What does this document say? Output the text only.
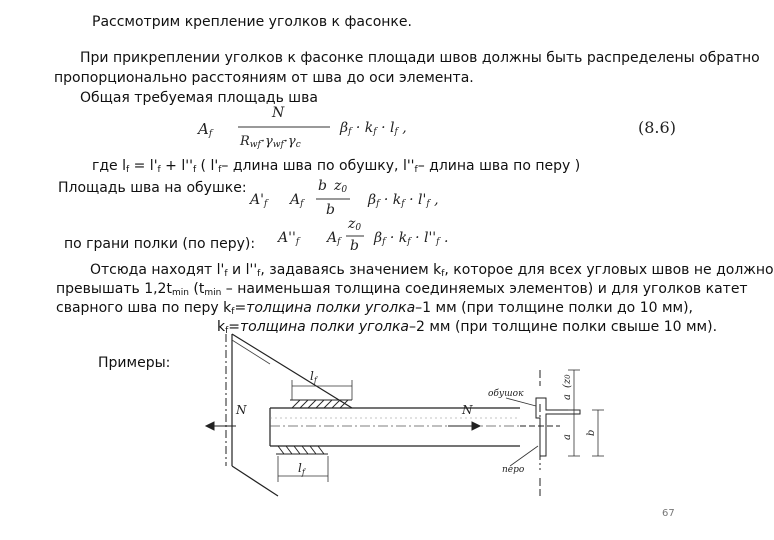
Рассмотрим крепление уголков к фасонке.
При прикреплении уголков к фасонке площади швов должны быть распределены обратно
пропорционально расстояниям от шва до оси элемента.
Общая требуемая площадь шва
$A_f$
N
$R_{wf}\cdot\gamma_{wf}\cdot\gamma_c$
$\beta_f \cdot k_f \cdot l_f$ ,	(8.6)
где $l_f = l'_f + l''_f$ ( $l'_f-$ длина шва по обушку, $l''_f-$ длина шва по перу )
Площадь шва на обушке:
$A'_f$ $A_f$
b  $z_0$
b
$\beta_f \cdot k_f \cdot l'_f$ ,
по грани полки (по перу): $A''_f$ $A_f$
$z_0$
b $\beta_f \cdot k_f \cdot l''_f$ .
Отсюда находят $l'_f$ и $l''_f$, задаваясь значением $k_f$, которое для всех угловых швов не должно
превышать $1,2t_{min}$ ($t_{min}$ – наименьшая толщина соединяемых элементов) и для уголков катет
сварного шва по перу $k_f=толщина$ полки уголка–1 мм (при толщине полки до 10 мм),
$k_f=толщина$ полки уголка–2 мм (при толщине полки свыше 10 мм).
Примеры:
N	N
$l_f$
$l_f$
обушок
перо
a
(z0
b
a
67
